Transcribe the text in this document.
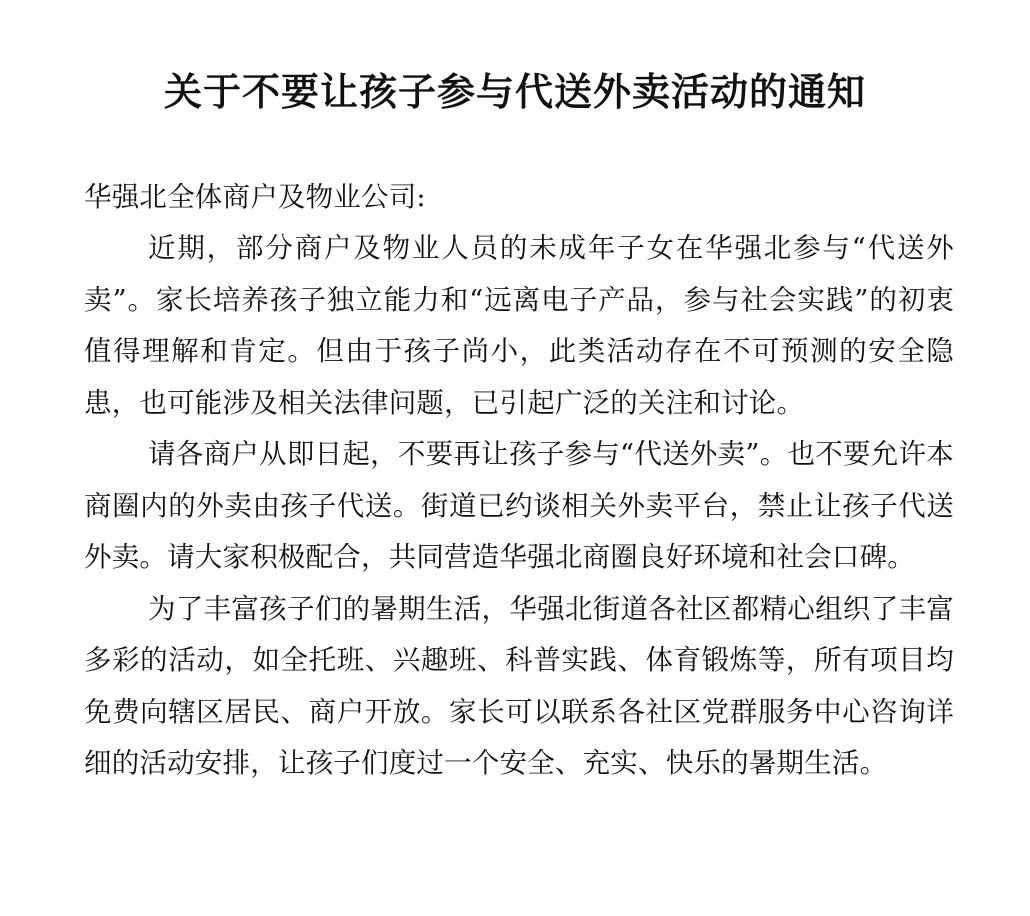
关于不要让孩子参与代送外卖活动的通知
华强北全体商户及物业公司:

近期，部分商户及物业人员的未成年子女在华强北参与“代送外卖”。家长培养孩子独立能力和“远离电子产品，参与社会实践”的初衷值得理解和肯定。但由于孩子尚小，此类活动存在不可预测的安全隐患，也可能涉及相关法律问题，已引起广泛的关注和讨论。

请各商户从即日起，不要再让孩子参与“代送外卖”。也不要允许本商圈内的外卖由孩子代送。街道已约谈相关外卖平台，禁止让孩子代送外卖。请大家积极配合，共同营造华强北商圈良好环境和社会口碑。

为了丰富孩子们的暑期生活，华强北街道各社区都精心组织了丰富多彩的活动，如全托班、兴趣班、科普实践、体育锻炼等，所有项目均免费向辖区居民、商户开放。家长可以联系各社区党群服务中心咨询详细的活动安排，让孩子们度过一个安全、充实、快乐的暑期生活。
